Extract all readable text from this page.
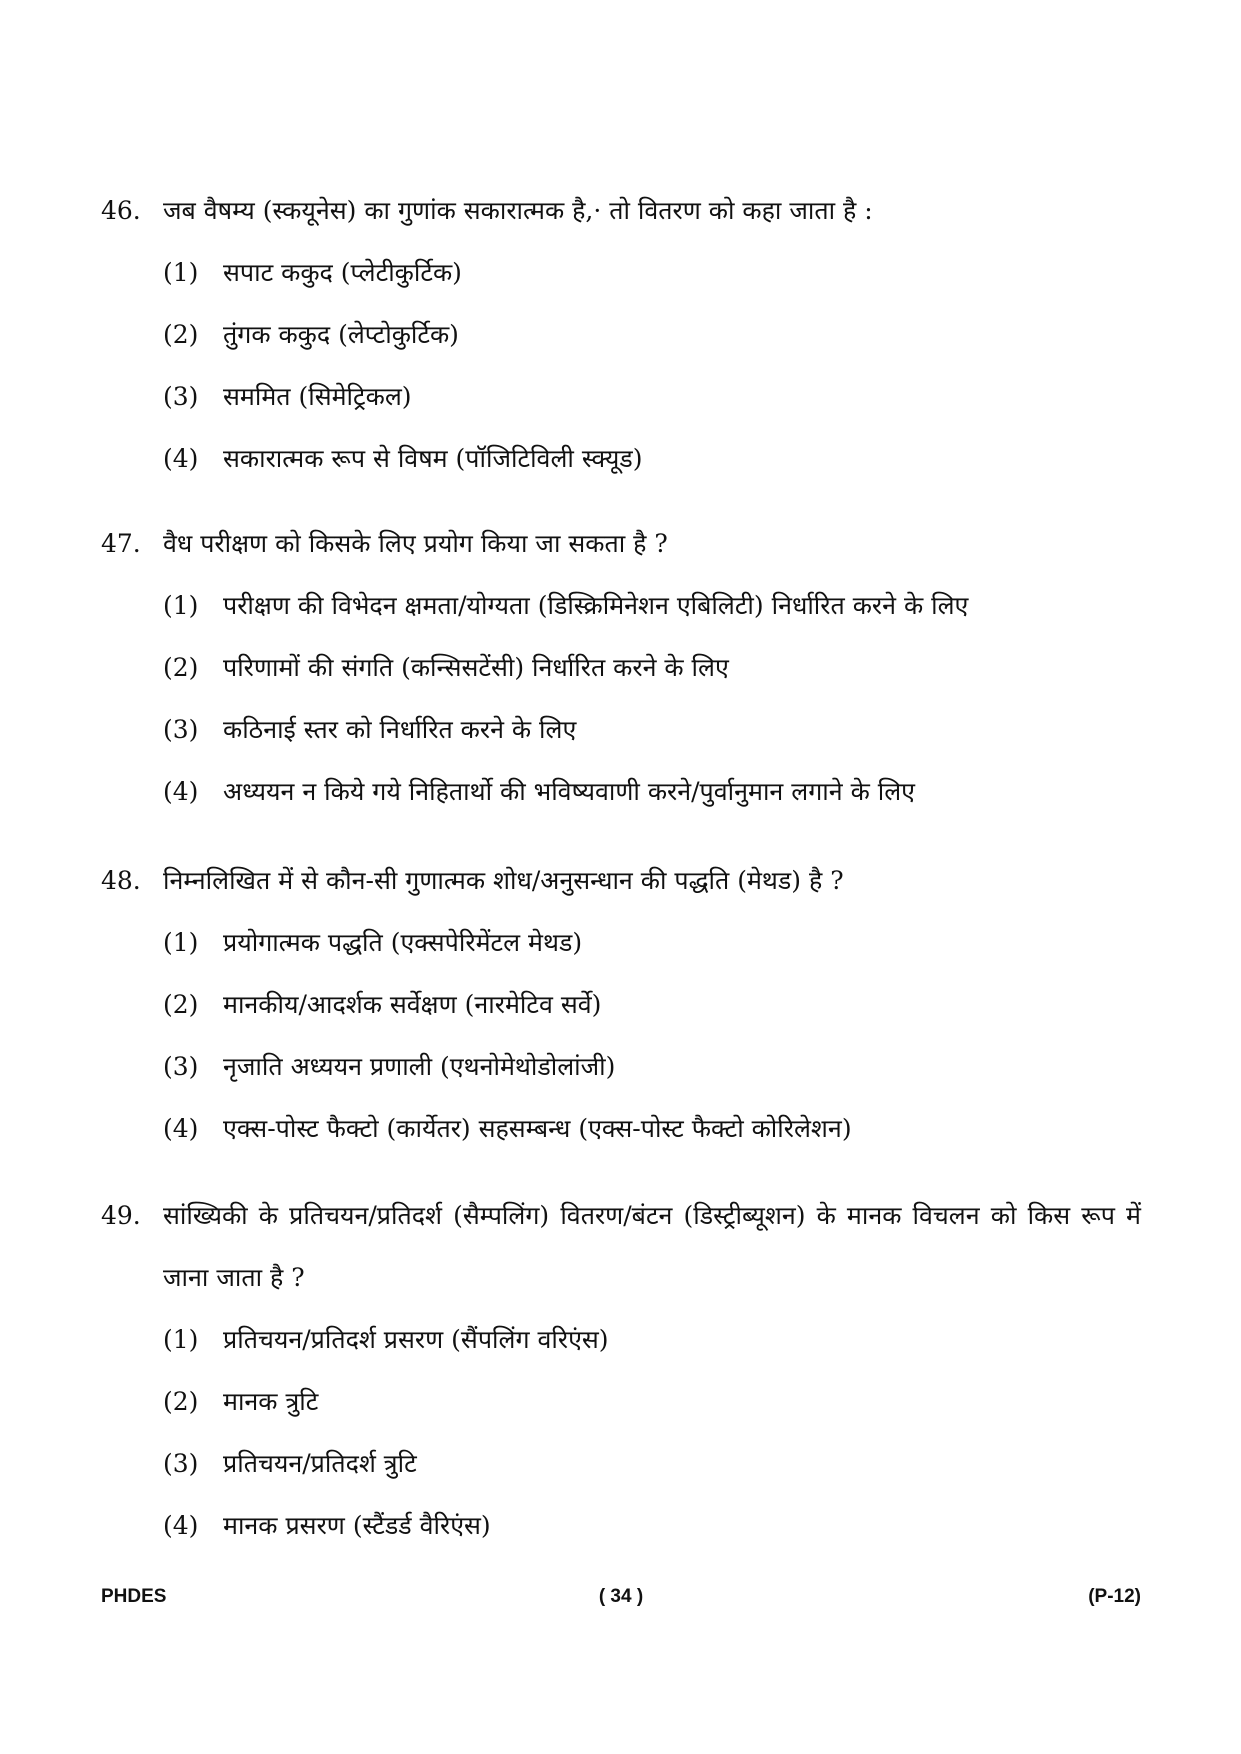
46. जब वैषम्य (स्कयूनेस) का गुणांक सकारात्मक है,· तो वितरण को कहा जाता है :
(1) सपाट ककुद (प्लेटीकुर्टिक)
(2) तुंगक ककुद (लेप्टोकुर्टिक)
(3) सममित (सिमेट्रिकल)
(4) सकारात्मक रूप से विषम (पॉजिटिविली स्क्यूड)
47. वैध परीक्षण को किसके लिए प्रयोग किया जा सकता है ?
(1) परीक्षण की विभेदन क्षमता/योग्यता (डिस्क्रिमिनेशन एबिलिटी) निर्धारित करने के लिए
(2) परिणामों की संगति (कन्सिसटेंसी) निर्धारित करने के लिए
(3) कठिनाई स्तर को निर्धारित करने के लिए
(4) अध्ययन न किये गये निहितार्थो की भविष्यवाणी करने/पुर्वानुमान लगाने के लिए
48. निम्नलिखित में से कौन-सी गुणात्मक शोध/अनुसन्धान की पद्धति (मेथड) है ?
(1) प्रयोगात्मक पद्धति (एक्सपेरिमेंटल मेथड)
(2) मानकीय/आदर्शक सर्वेक्षण (नारमेटिव सर्वे)
(3) नृजाति अध्ययन प्रणाली (एथनोमेथोडोलांजी)
(4) एक्स-पोस्ट फैक्टो (कार्येतर) सहसम्बन्ध (एक्स-पोस्ट फैक्टो कोरिलेशन)
49. सांख्यिकी के प्रतिचयन/प्रतिदर्श (सैम्पलिंग) वितरण/बंटन (डिस्ट्रीब्यूशन) के मानक विचलन को किस रूप में जाना जाता है ?
(1) प्रतिचयन/प्रतिदर्श प्रसरण (सैंपलिंग वरिएंस)
(2) मानक त्रुटि
(3) प्रतिचयन/प्रतिदर्श त्रुटि
(4) मानक प्रसरण (स्टैंडर्ड वैरिएंस)
PHDES	( 34 )	(P-12)
